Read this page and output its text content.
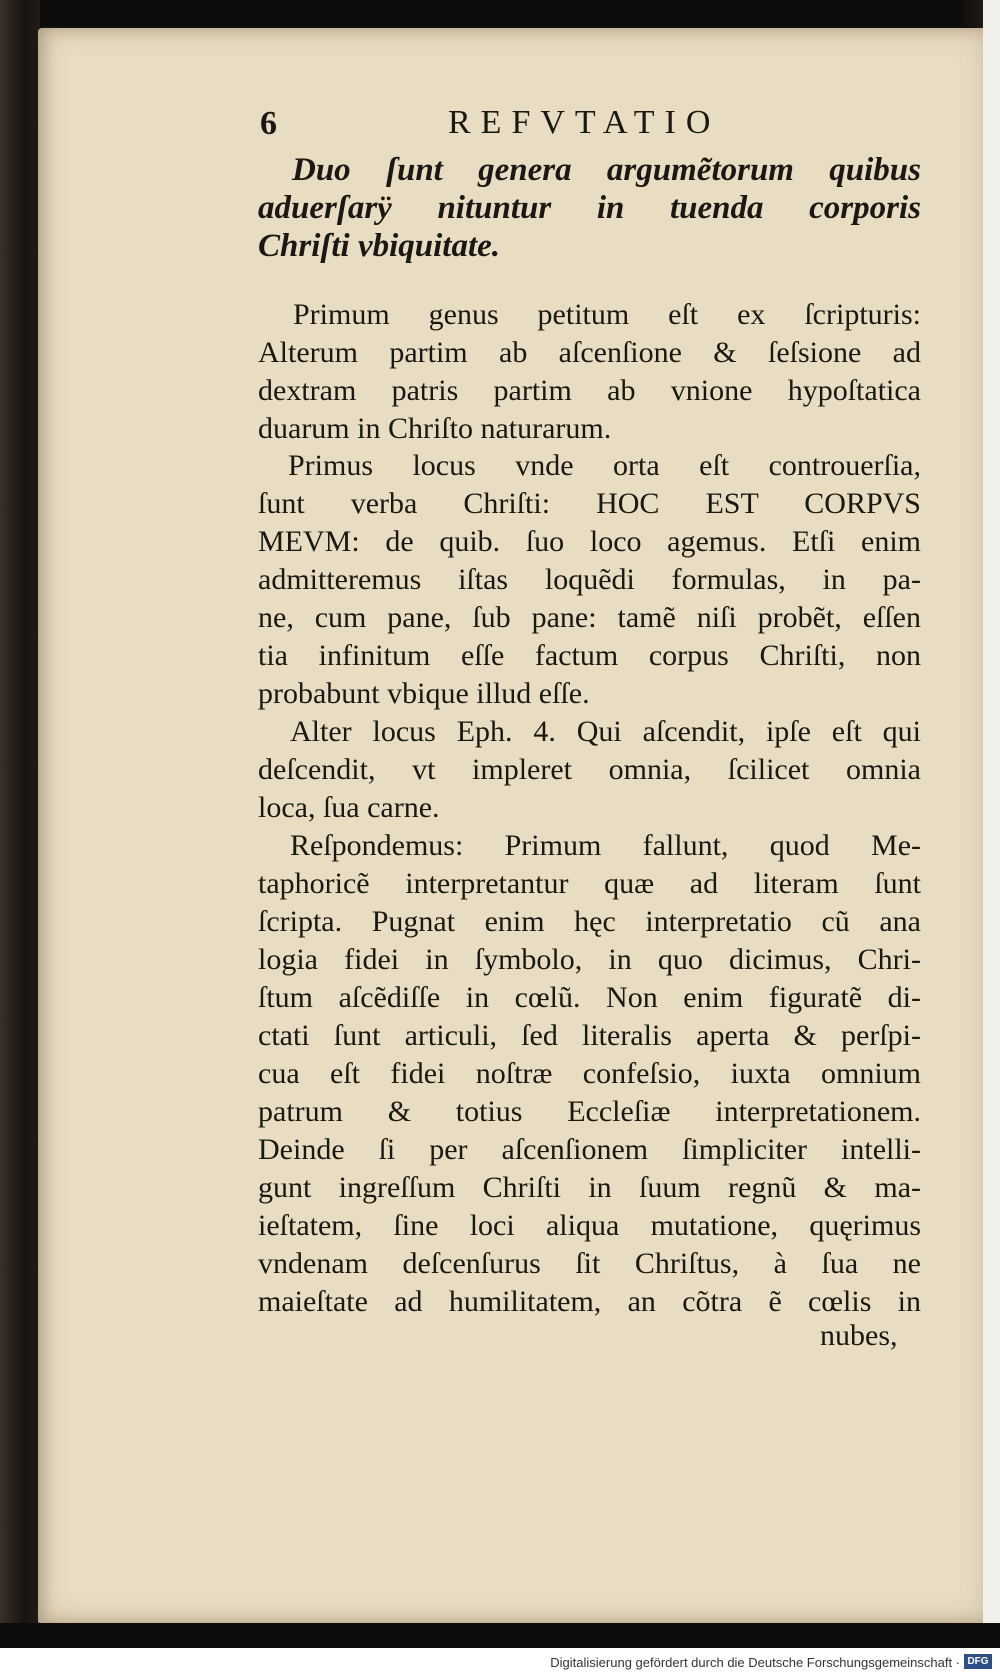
6	REFVTATIO
Duo ſunt genera argumẽtorum quibus
aduerſarÿ nituntur in tuenda corporis
Chriſti vbiquitate.
Primum genus petitum eſt ex ſcripturis:
Alterum partim ab aſcenſione & ſeſsione ad
dextram patris partim ab vnione hypoſtatica
duarum in Chriſto naturarum.
Primus locus vnde orta eſt controuerſia,
ſunt verba Chriſti: HOC EST CORPVS
MEVM: de quib. ſuo loco agemus. Etſi enim
admitteremus iſtas loquẽdi formulas, in pa-
ne, cum pane, ſub pane: tamẽ niſi probẽt, eſſen
tia infinitum eſſe factum corpus Chriſti, non
probabunt vbique illud eſſe.
Alter locus Eph. 4. Qui aſcendit, ipſe eſt qui
deſcendit, vt impleret omnia, ſcilicet omnia
loca, ſua carne.
Reſpondemus: Primum fallunt, quod Me-
taphoricẽ interpretantur quæ ad literam ſunt
ſcripta. Pugnat enim hęc interpretatio cũ ana
logia fidei in ſymbolo, in quo dicimus, Chri-
ſtum aſcẽdiſſe in cœlũ. Non enim figuratẽ di-
ctati ſunt articuli, ſed literalis aperta & perſpi-
cua eſt fidei noſtræ confeſsio, iuxta omnium
patrum & totius Eccleſiæ interpretationem.
Deinde ſi per aſcenſionem ſimpliciter intelli-
gunt ingreſſum Chriſti in ſuum regnũ & ma-
ieſtatem, ſine loci aliqua mutatione, quęrimus
vndenam deſcenſurus ſit Chriſtus, à ſua ne
maieſtate ad humilitatem, an cõtra ẽ cœlis in
nubes,
Digitalisierung gefördert durch die Deutsche Forschungsgemeinschaft · DFG
